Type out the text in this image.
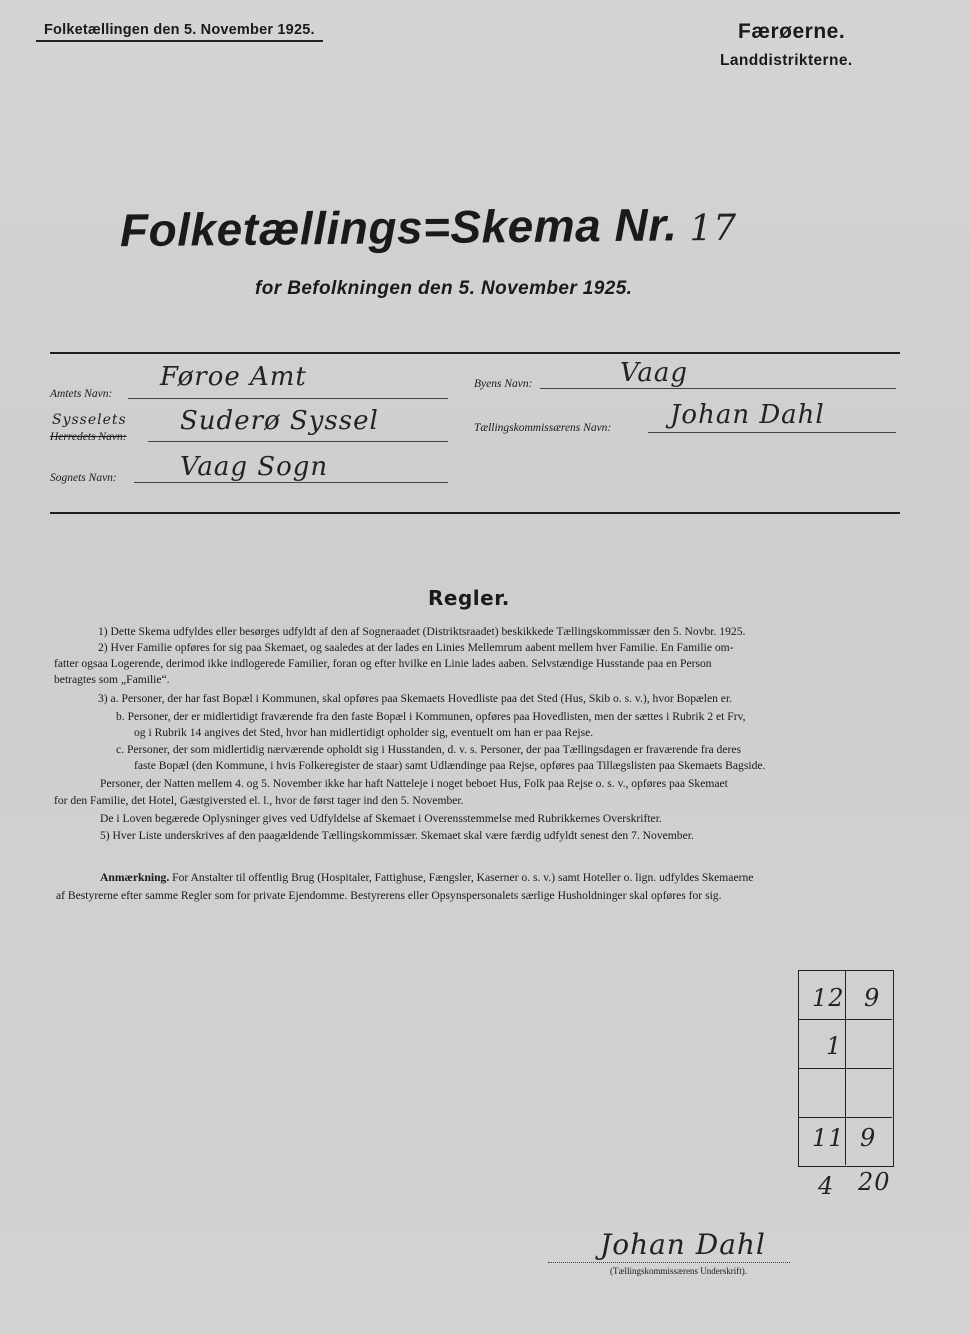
Folketællingen den 5. November 1925.	Færøerne.
Landdistrikterne.
Folketællings=Skema Nr. 17
for Befolkningen den 5. November 1925.
Amtets Navn:
Føroe Amt	Byens Navn:	Vaag
Sysselets
Herredets Navn:
Suderø Syssel	Tællingskommissærens Navn: Johan Dahl
Sognets Navn: Vaag Sogn
Regler.
1) Dette Skema udfyldes eller besørges udfyldt af den af Sogneraadet (Distriktsraadet) beskikkede Tællingskommissær den 5. Novbr. 1925.
2) Hver Familie opføres for sig paa Skemaet, og saaledes at der lades en Linies Mellemrum aabent mellem hver Familie. En Familie om-
fatter ogsaa Logerende, derimod ikke indlogerede Familier, foran og efter hvilke en Linie lades aaben. Selvstændige Husstande paa en Person
betragtes som „Familie“.
3) a. Personer, der har fast Bopæl i Kommunen, skal opføres paa Skemaets Hovedliste paa det Sted (Hus, Skib o. s. v.), hvor Bopælen er.
b. Personer, der er midlertidigt fraværende fra den faste Bopæl i Kommunen, opføres paa Hovedlisten, men der sættes i Rubrik 2 et Frv,
og i Rubrik 14 angives det Sted, hvor han midlertidigt opholder sig, eventuelt om han er paa Rejse.
c. Personer, der som midlertidig nærværende opholdt sig i Husstanden, d. v. s. Personer, der paa Tællingsdagen er fraværende fra deres
faste Bopæl (den Kommune, i hvis Folkeregister de staar) samt Udlændinge paa Rejse, opføres paa Tillægslisten paa Skemaets Bagside.
Personer, der Natten mellem 4. og 5. November ikke har haft Natteleje i noget beboet Hus, Folk paa Rejse o. s. v., opføres paa Skemaet
for den Familie, det Hotel, Gæstgiversted el. l., hvor de først tager ind den 5. November.
De i Loven begærede Oplysninger gives ved Udfyldelse af Skemaet i Overensstemmelse med Rubrikkernes Overskrifter.
5) Hver Liste underskrives af den paagældende Tællingskommissær. Skemaet skal være færdig udfyldt senest den 7. November.
Anmærkning. For Anstalter til offentlig Brug (Hospitaler, Fattighuse, Fængsler, Kaserner o. s. v.) samt Hoteller o. lign. udfyldes Skemaerne
af Bestyrerne efter samme Regler som for private Ejendomme. Bestyrerens eller Opsynspersonalets særlige Husholdninger skal opføres for sig.
12 9
1
11 9
4 20
Johan Dahl
(Tællingskommissærens Underskrift).
